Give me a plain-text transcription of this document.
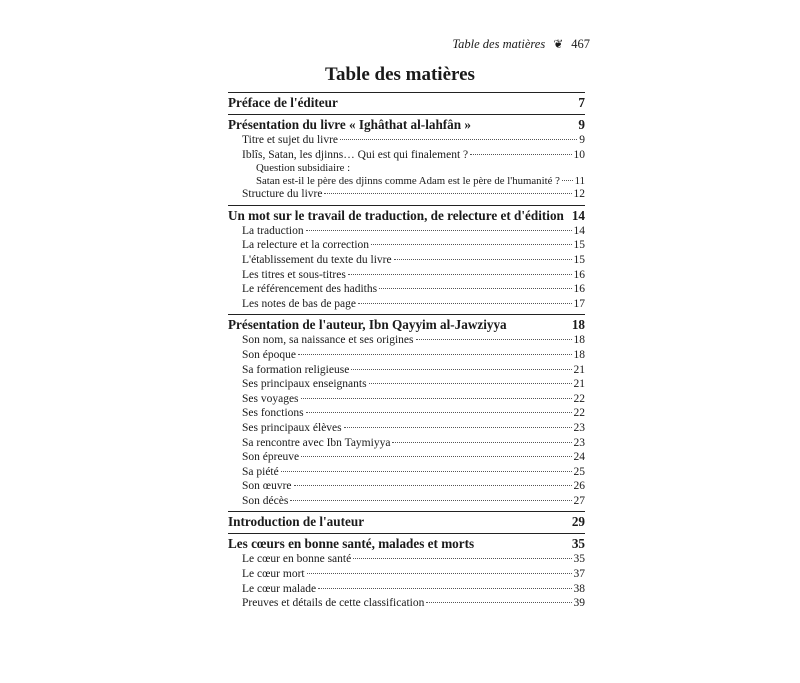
Table des matières ❦ 467
Table des matières
Préface de l'éditeur	7
Présentation du livre « Ighâthat al-lahfân »	9
Titre et sujet du livre	9
Iblîs, Satan, les djinns… Qui est qui finalement ?	10
Question subsidiaire :
Satan est-il le père des djinns comme Adam est le père de l'humanité ? 11
Structure du livre	12
Un mot sur le travail de traduction, de relecture et d'édition 14
La traduction	14
La relecture et la correction	15
L'établissement du texte du livre	15
Les titres et sous-titres	16
Le référencement des hadiths	16
Les notes de bas de page	17
Présentation de l'auteur, Ibn Qayyim al-Jawziyya	18
Son nom, sa naissance et ses origines	18
Son époque	18
Sa formation religieuse	21
Ses principaux enseignants	21
Ses voyages	22
Ses fonctions	22
Ses principaux élèves	23
Sa rencontre avec Ibn Taymiyya	23
Son épreuve	24
Sa piété	25
Son œuvre	26
Son décès	27
Introduction de l'auteur	29
Les cœurs en bonne santé, malades et morts	35
Le cœur en bonne santé	35
Le cœur mort	37
Le cœur malade	38
Preuves et détails de cette classification	39
